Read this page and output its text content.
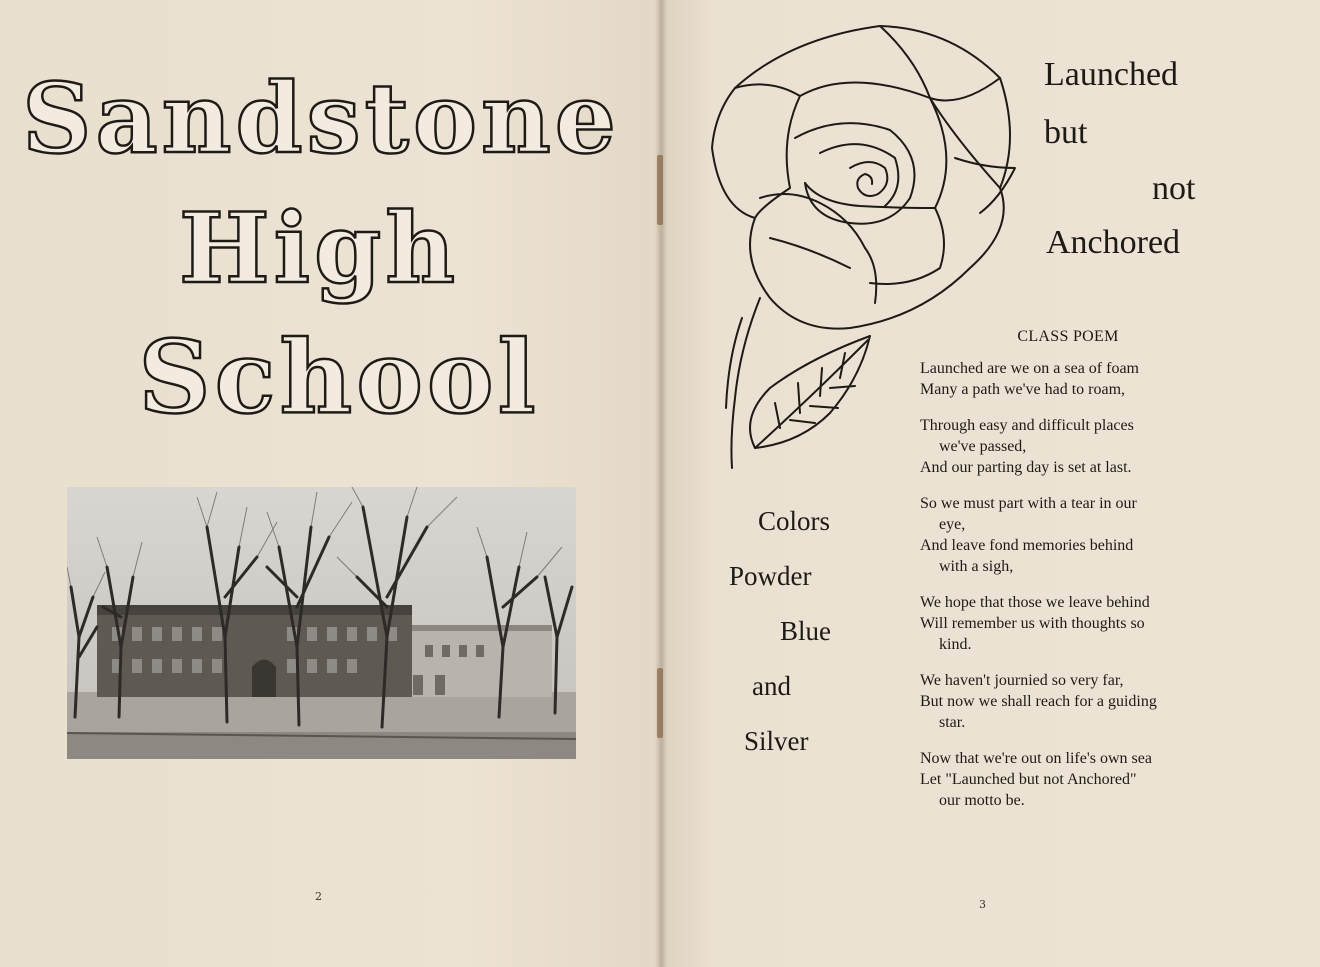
Sandstone
High
School
2
Launched
but
not
Anchored
Colors
Powder
Blue
and
Silver
CLASS POEM
Launched are we on a sea of foam
Many a path we've had to roam,
Through easy and difficult places
we've passed,
And our parting day is set at last.
So we must part with a tear in our
eye,
And leave fond memories behind
with a sigh,
We hope that those we leave behind
Will remember us with thoughts so
kind.
We haven't journied so very far,
But now we shall reach for a guiding
star.
Now that we're out on life's own sea
Let "Launched but not Anchored"
our motto be.
3
